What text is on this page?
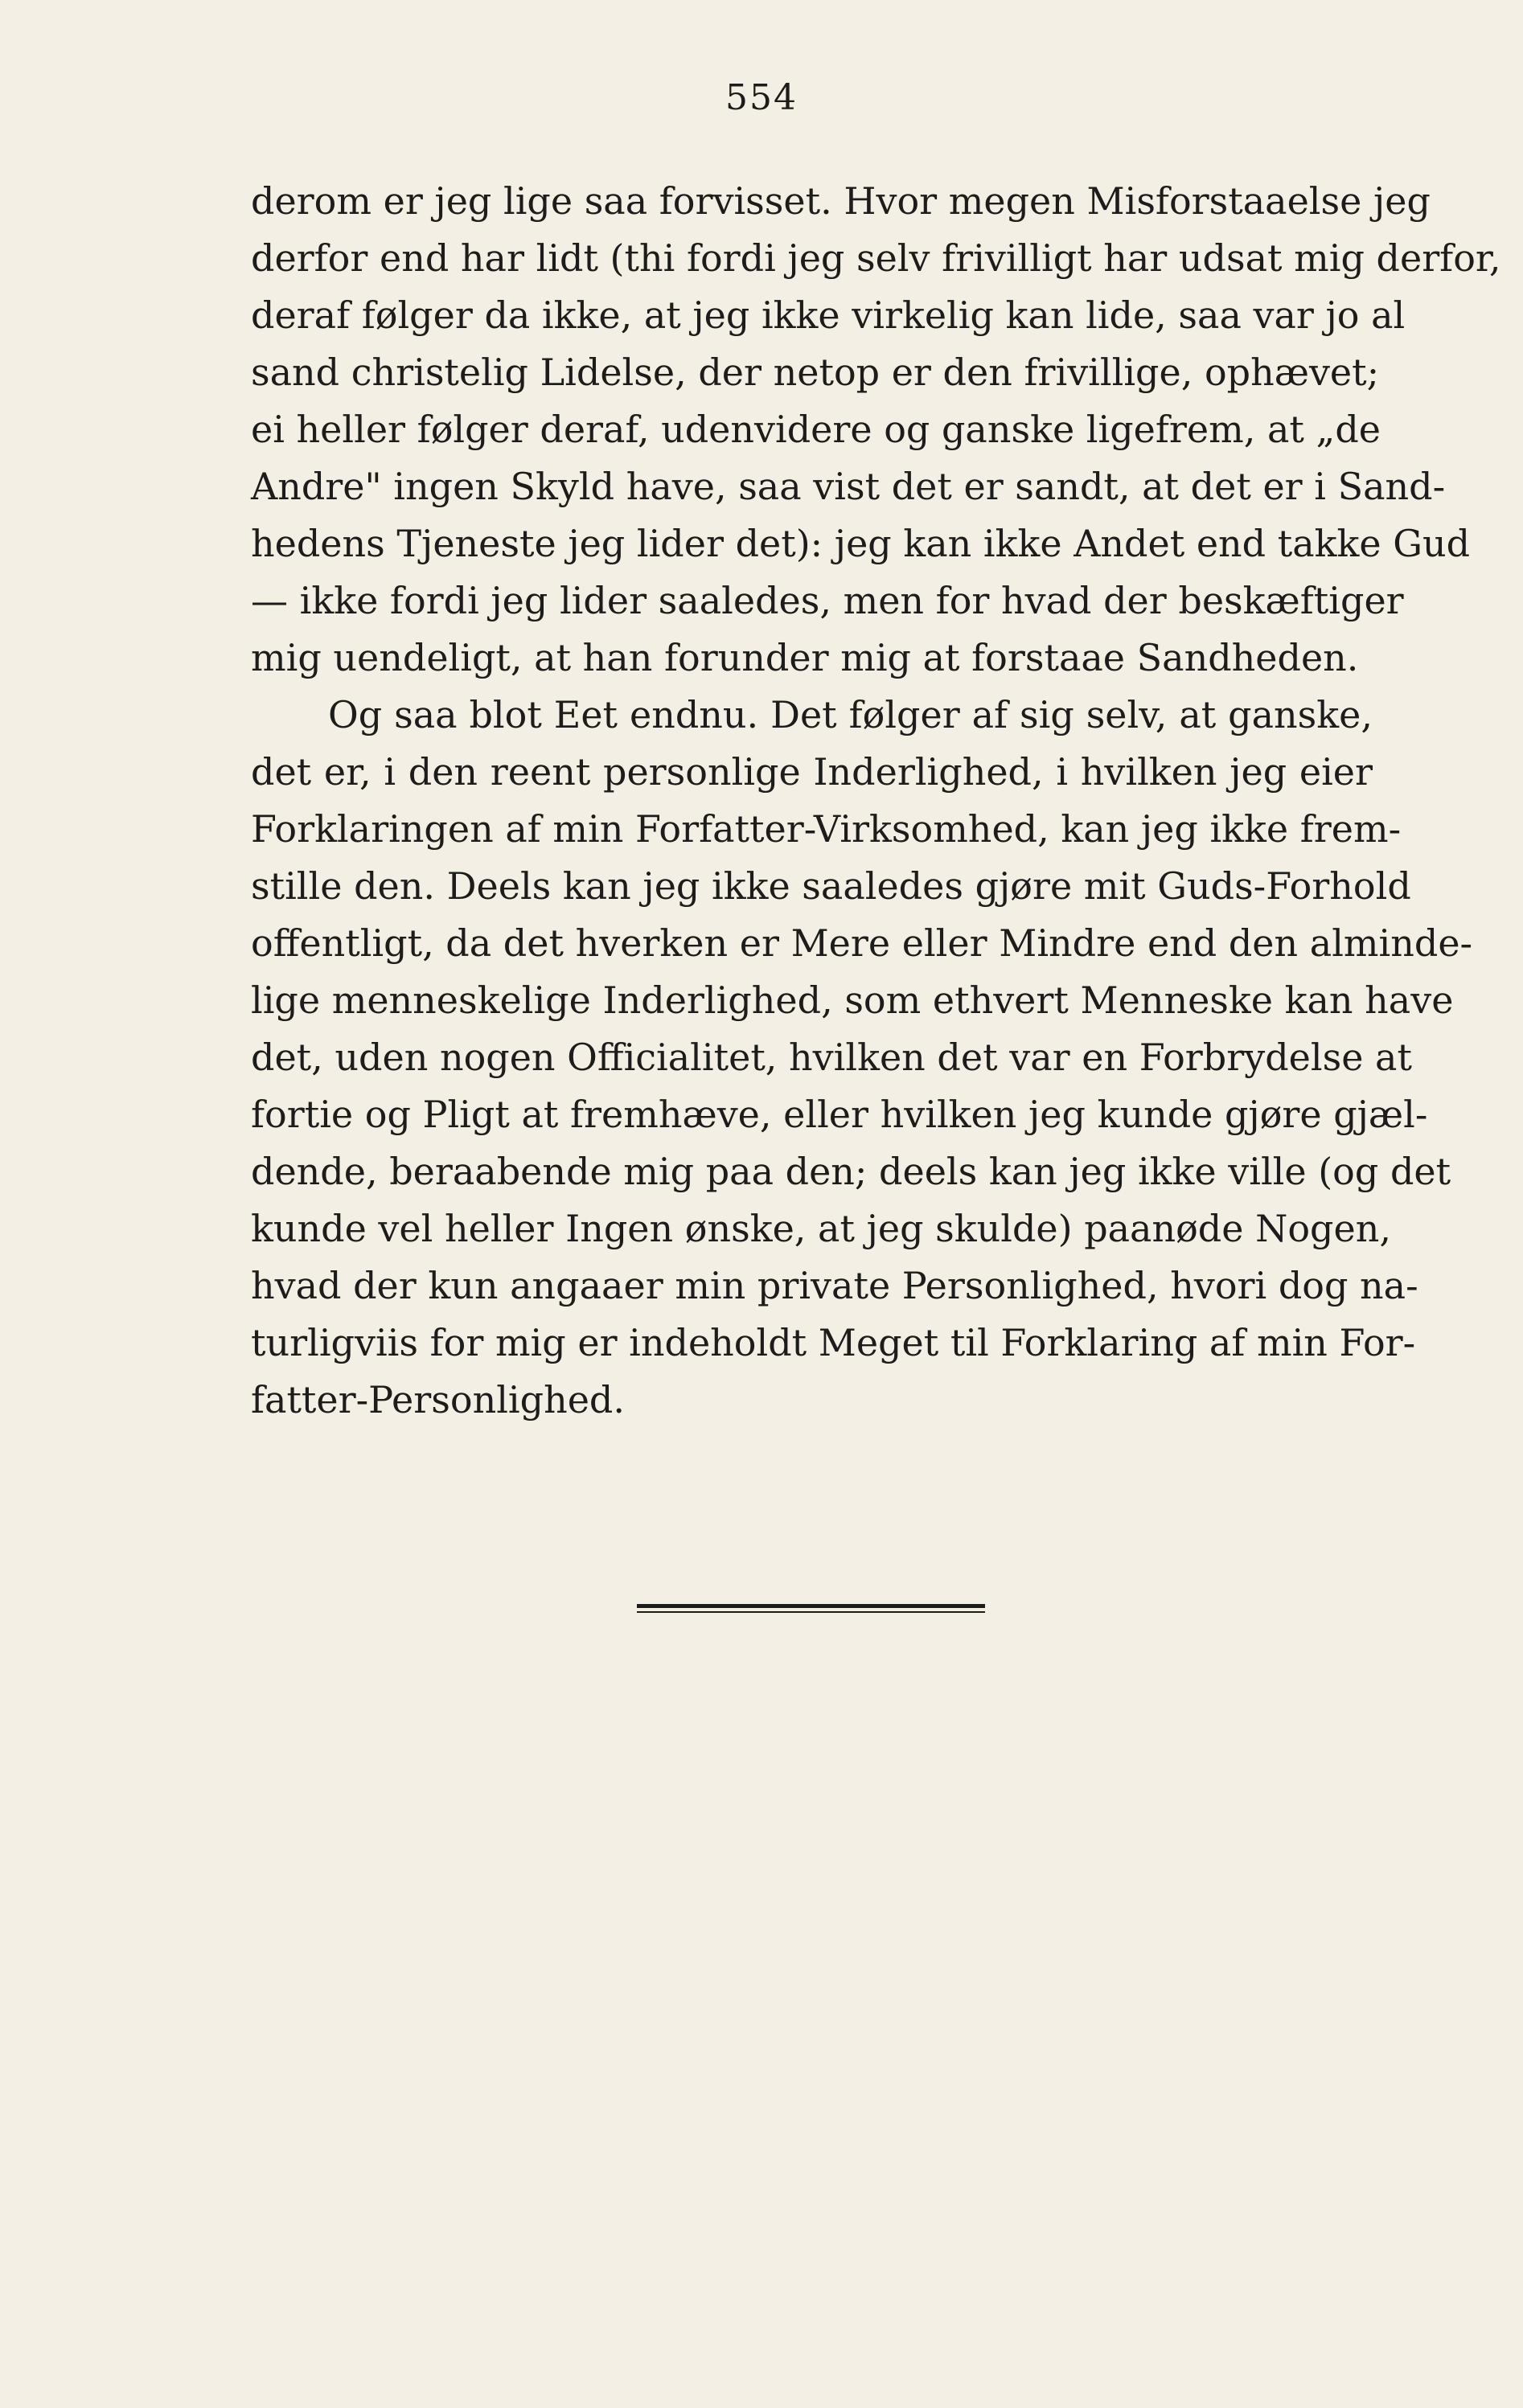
554
derom er jeg lige saa forvisset. Hvor megen Misforstaaelse jeg
derfor end har lidt (thi fordi jeg selv frivilligt har udsat mig derfor,
deraf følger da ikke, at jeg ikke virkelig kan lide, saa var jo al
sand christelig Lidelse, der netop er den frivillige, ophævet;
ei heller følger deraf, udenvidere og ganske ligefrem, at „de
Andre" ingen Skyld have, saa vist det er sandt, at det er i Sand-
hedens Tjeneste jeg lider det): jeg kan ikke Andet end takke Gud
— ikke fordi jeg lider saaledes, men for hvad der beskæftiger
mig uendeligt, at han forunder mig at forstaae Sandheden.
Og saa blot Eet endnu. Det følger af sig selv, at ganske,
det er, i den reent personlige Inderlighed, i hvilken jeg eier
Forklaringen af min Forfatter-Virksomhed, kan jeg ikke frem-
stille den. Deels kan jeg ikke saaledes gjøre mit Guds-Forhold
offentligt, da det hverken er Mere eller Mindre end den alminde-
lige menneskelige Inderlighed, som ethvert Menneske kan have
det, uden nogen Officialitet, hvilken det var en Forbrydelse at
fortie og Pligt at fremhæve, eller hvilken jeg kunde gjøre gjæl-
dende, beraabende mig paa den; deels kan jeg ikke ville (og det
kunde vel heller Ingen ønske, at jeg skulde) paanøde Nogen,
hvad der kun angaaer min private Personlighed, hvori dog na-
turligviis for mig er indeholdt Meget til Forklaring af min For-
fatter-Personlighed.
